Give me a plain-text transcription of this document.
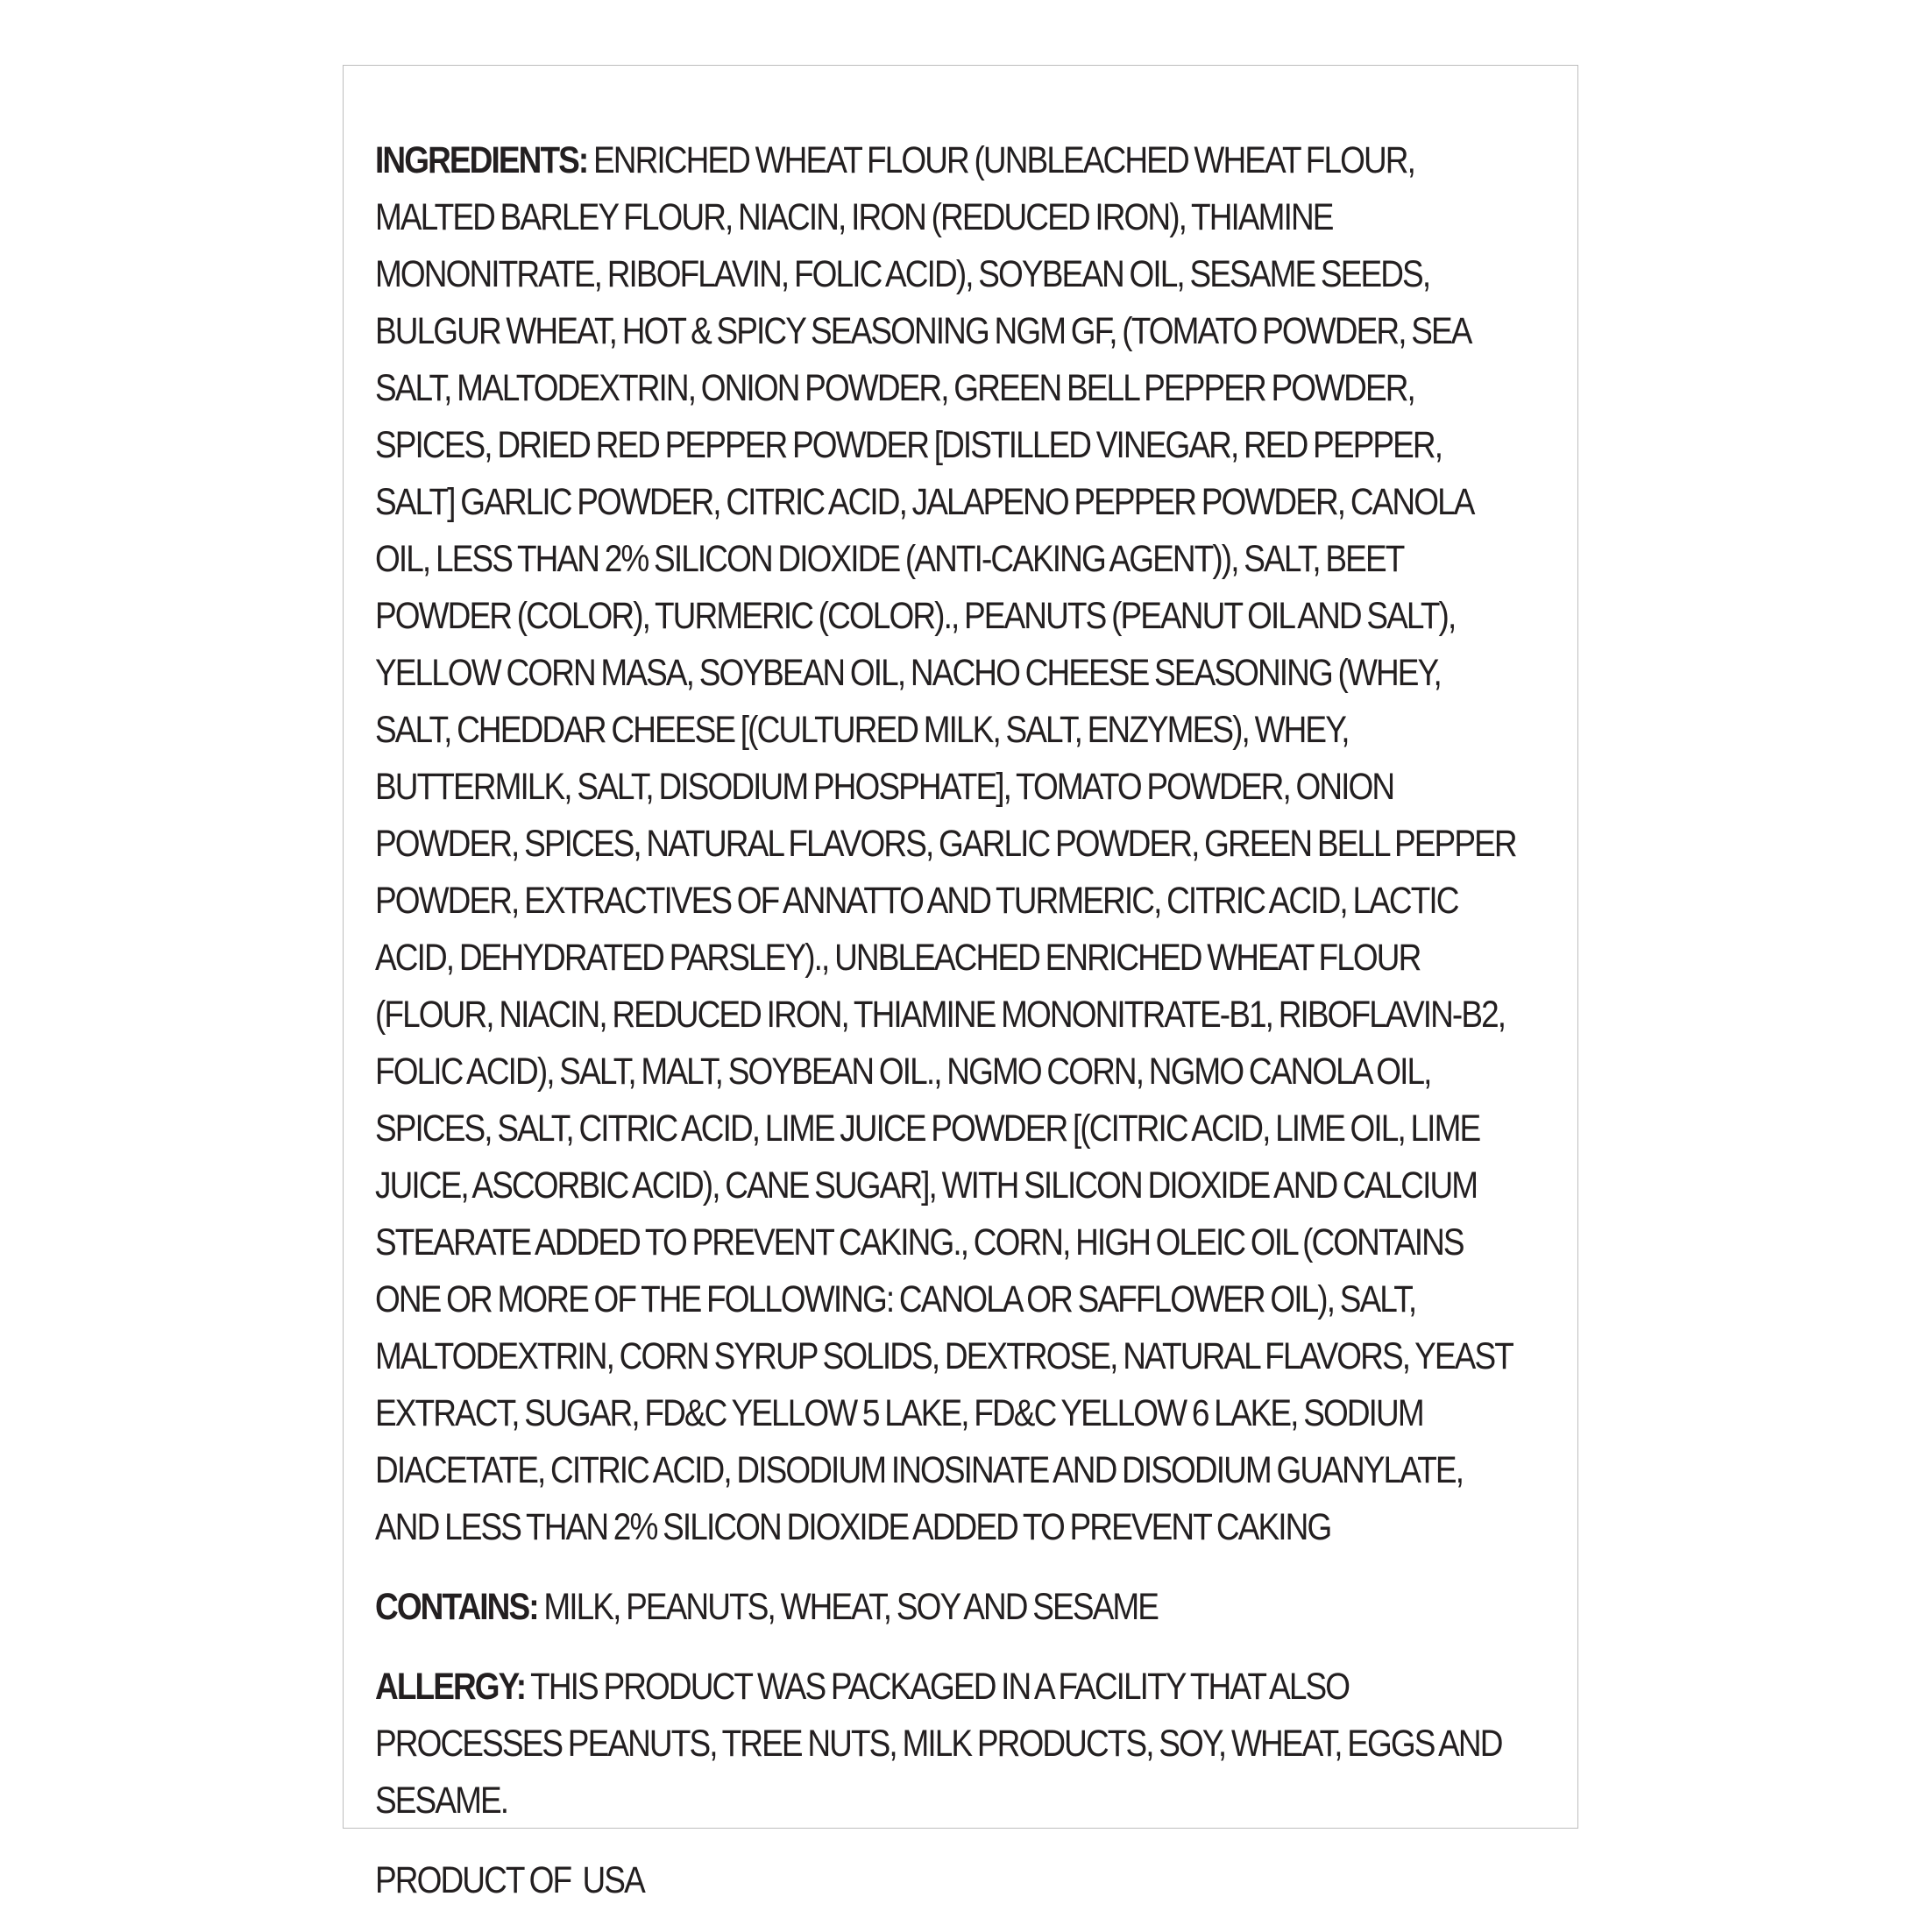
INGREDIENTS: ENRICHED WHEAT FLOUR (UNBLEACHED WHEAT FLOUR, MALTED BARLEY FLOUR, NIACIN, IRON (REDUCED IRON), THIAMINE MONONITRATE, RIBOFLAVIN, FOLIC ACID), SOYBEAN OIL, SESAME SEEDS, BULGUR WHEAT, HOT & SPICY SEASONING NGM GF, (TOMATO POWDER, SEA SALT, MALTODEXTRIN, ONION POWDER, GREEN BELL PEPPER POWDER, SPICES, DRIED RED PEPPER POWDER [DISTILLED VINEGAR, RED PEPPER, SALT] GARLIC POWDER, CITRIC ACID, JALAPENO PEPPER POWDER, CANOLA OIL, LESS THAN 2% SILICON DIOXIDE (ANTI-CAKING AGENT)), SALT, BEET POWDER (COLOR), TURMERIC (COLOR)., PEANUTS (PEANUT OIL AND SALT), YELLOW CORN MASA, SOYBEAN OIL, NACHO CHEESE SEASONING (WHEY, SALT, CHEDDAR CHEESE [(CULTURED MILK, SALT, ENZYMES), WHEY, BUTTERMILK, SALT, DISODIUM PHOSPHATE], TOMATO POWDER, ONION POWDER, SPICES, NATURAL FLAVORS, GARLIC POWDER, GREEN BELL PEPPER POWDER, EXTRACTIVES OF ANNATTO AND TURMERIC, CITRIC ACID, LACTIC ACID, DEHYDRATED PARSLEY)., UNBLEACHED ENRICHED WHEAT FLOUR (FLOUR, NIACIN, REDUCED IRON, THIAMINE MONONITRATE-B1, RIBOFLAVIN-B2, FOLIC ACID), SALT, MALT, SOYBEAN OIL., NGMO CORN, NGMO CANOLA OIL, SPICES, SALT, CITRIC ACID, LIME JUICE POWDER [(CITRIC ACID, LIME OIL, LIME JUICE, ASCORBIC ACID), CANE SUGAR], WITH SILICON DIOXIDE AND CALCIUM STEARATE ADDED TO PREVENT CAKING., CORN, HIGH OLEIC OIL (CONTAINS ONE OR MORE OF THE FOLLOWING: CANOLA OR SAFFLOWER OIL), SALT, MALTODEXTRIN, CORN SYRUP SOLIDS, DEXTROSE, NATURAL FLAVORS, YEAST EXTRACT, SUGAR, FD&C YELLOW 5 LAKE, FD&C YELLOW 6 LAKE, SODIUM DIACETATE, CITRIC ACID, DISODIUM INOSINATE AND DISODIUM GUANYLATE, AND LESS THAN 2% SILICON DIOXIDE ADDED TO PREVENT CAKING

CONTAINS: MILK, PEANUTS, WHEAT, SOY AND SESAME

ALLERGY: THIS PRODUCT WAS PACKAGED IN A FACILITY THAT ALSO PROCESSES PEANUTS, TREE NUTS, MILK PRODUCTS, SOY, WHEAT, EGGS AND SESAME.

PRODUCT OF  USA
